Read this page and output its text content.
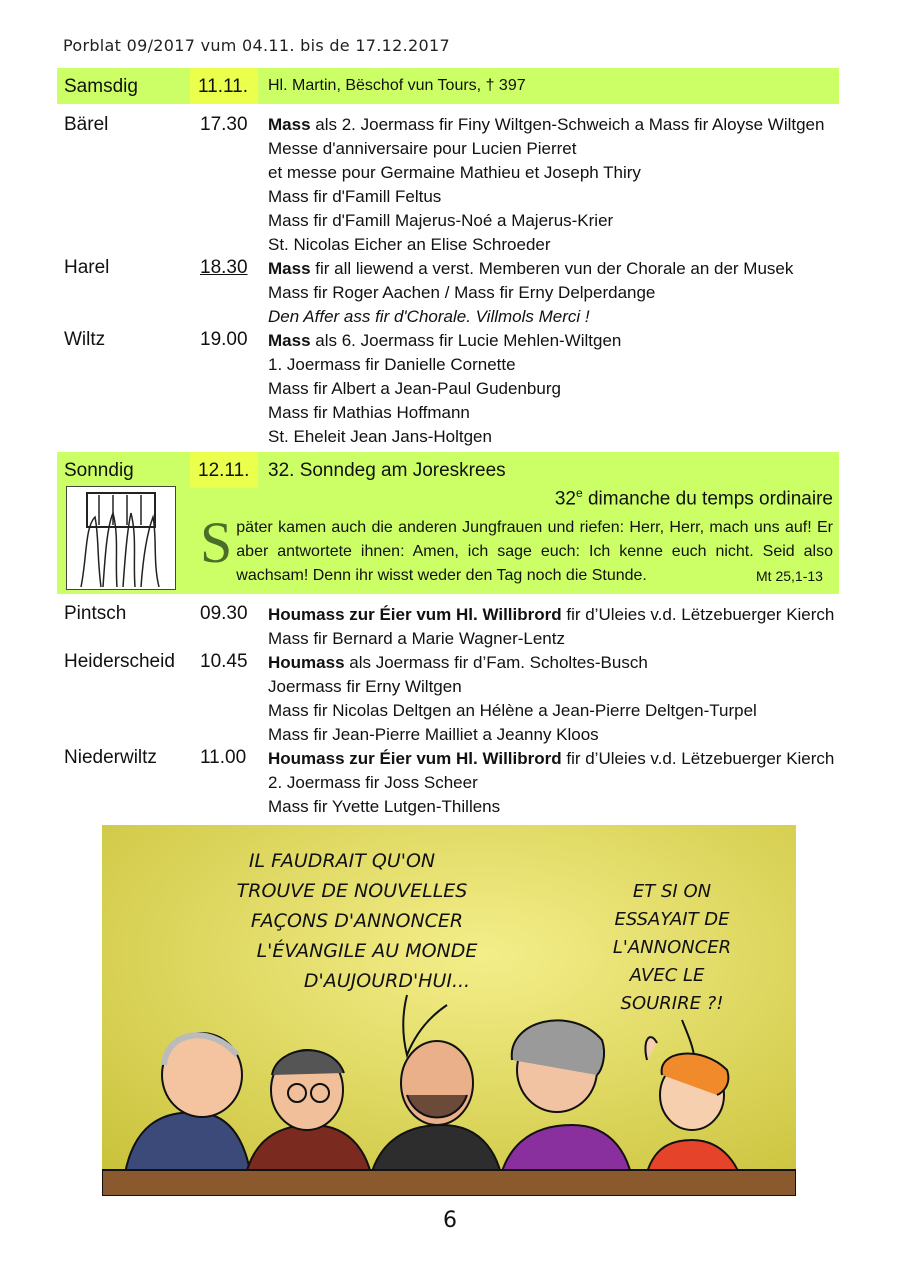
Porblat 09/2017 vum 04.11. bis de 17.12.2017
Samsdig	11.11. Hl. Martin, Bëschof vun Tours, † 397
Bärel	17.30 Mass als 2. Joermass fir Finy Wiltgen-Schweich a Mass fir Aloyse Wiltgen
Messe d'anniversaire pour Lucien Pierret
et messe pour Germaine Mathieu et Joseph Thiry
Mass fir d'Famill Feltus
Mass fir d'Famill Majerus-Noé a Majerus-Krier
St. Nicolas Eicher an Elise Schroeder
Harel	18.30 Mass fir all liewend a verst. Memberen vun der Chorale an der Musek
Mass fir Roger Aachen / Mass fir Erny Delperdange
Den Affer ass fir d'Chorale. Villmols Merci !
Wiltz	19.00 Mass als 6. Joermass fir Lucie Mehlen-Wiltgen
1. Joermass fir Danielle Cornette
Mass fir Albert a Jean-Paul Gudenburg
Mass fir Mathias Hoffmann
St. Eheleit Jean Jans-Holtgen
Sonndig	12.11. 32. Sonndeg am Joreskrees
32e dimanche du temps ordinaire
Später kamen auch die anderen Jungfrauen und riefen: Herr, Herr, mach uns auf! Er aber antwortete ihnen: Amen, ich sage euch: Ich kenne euch nicht. Seid also wachsam! Denn ihr wisst weder den Tag noch die Stunde.	Mt 25,1-13
Pintsch	09.30 Houmass zur Éier vum Hl. Willibrord fir d’Uleies v.d. Lëtzebuerger Kierch
Mass fir Bernard a Marie Wagner-Lentz
Heiderscheid 10.45 Houmass als Joermass fir d’Fam. Scholtes-Busch
Joermass fir Erny Wiltgen
Mass fir Nicolas Deltgen an Hélène a Jean-Pierre Deltgen-Turpel
Mass fir Jean-Pierre Mailliet a Jeanny Kloos
Niederwiltz 11.00 Houmass zur Éier vum Hl. Willibrord fir d’Uleies v.d. Lëtzebuerger Kierch
2. Joermass fir Joss Scheer
Mass fir Yvette Lutgen-Thillens
IL FAUDRAIT QU'ON
TROUVE DE NOUVELLES
FAÇONS D'ANNONCER
L'ÉVANGILE AU MONDE
D'AUJOURD'HUI...
ET SI ON
ESSAYAIT DE
L'ANNONCER
AVEC LE
SOURIRE ?!
6
